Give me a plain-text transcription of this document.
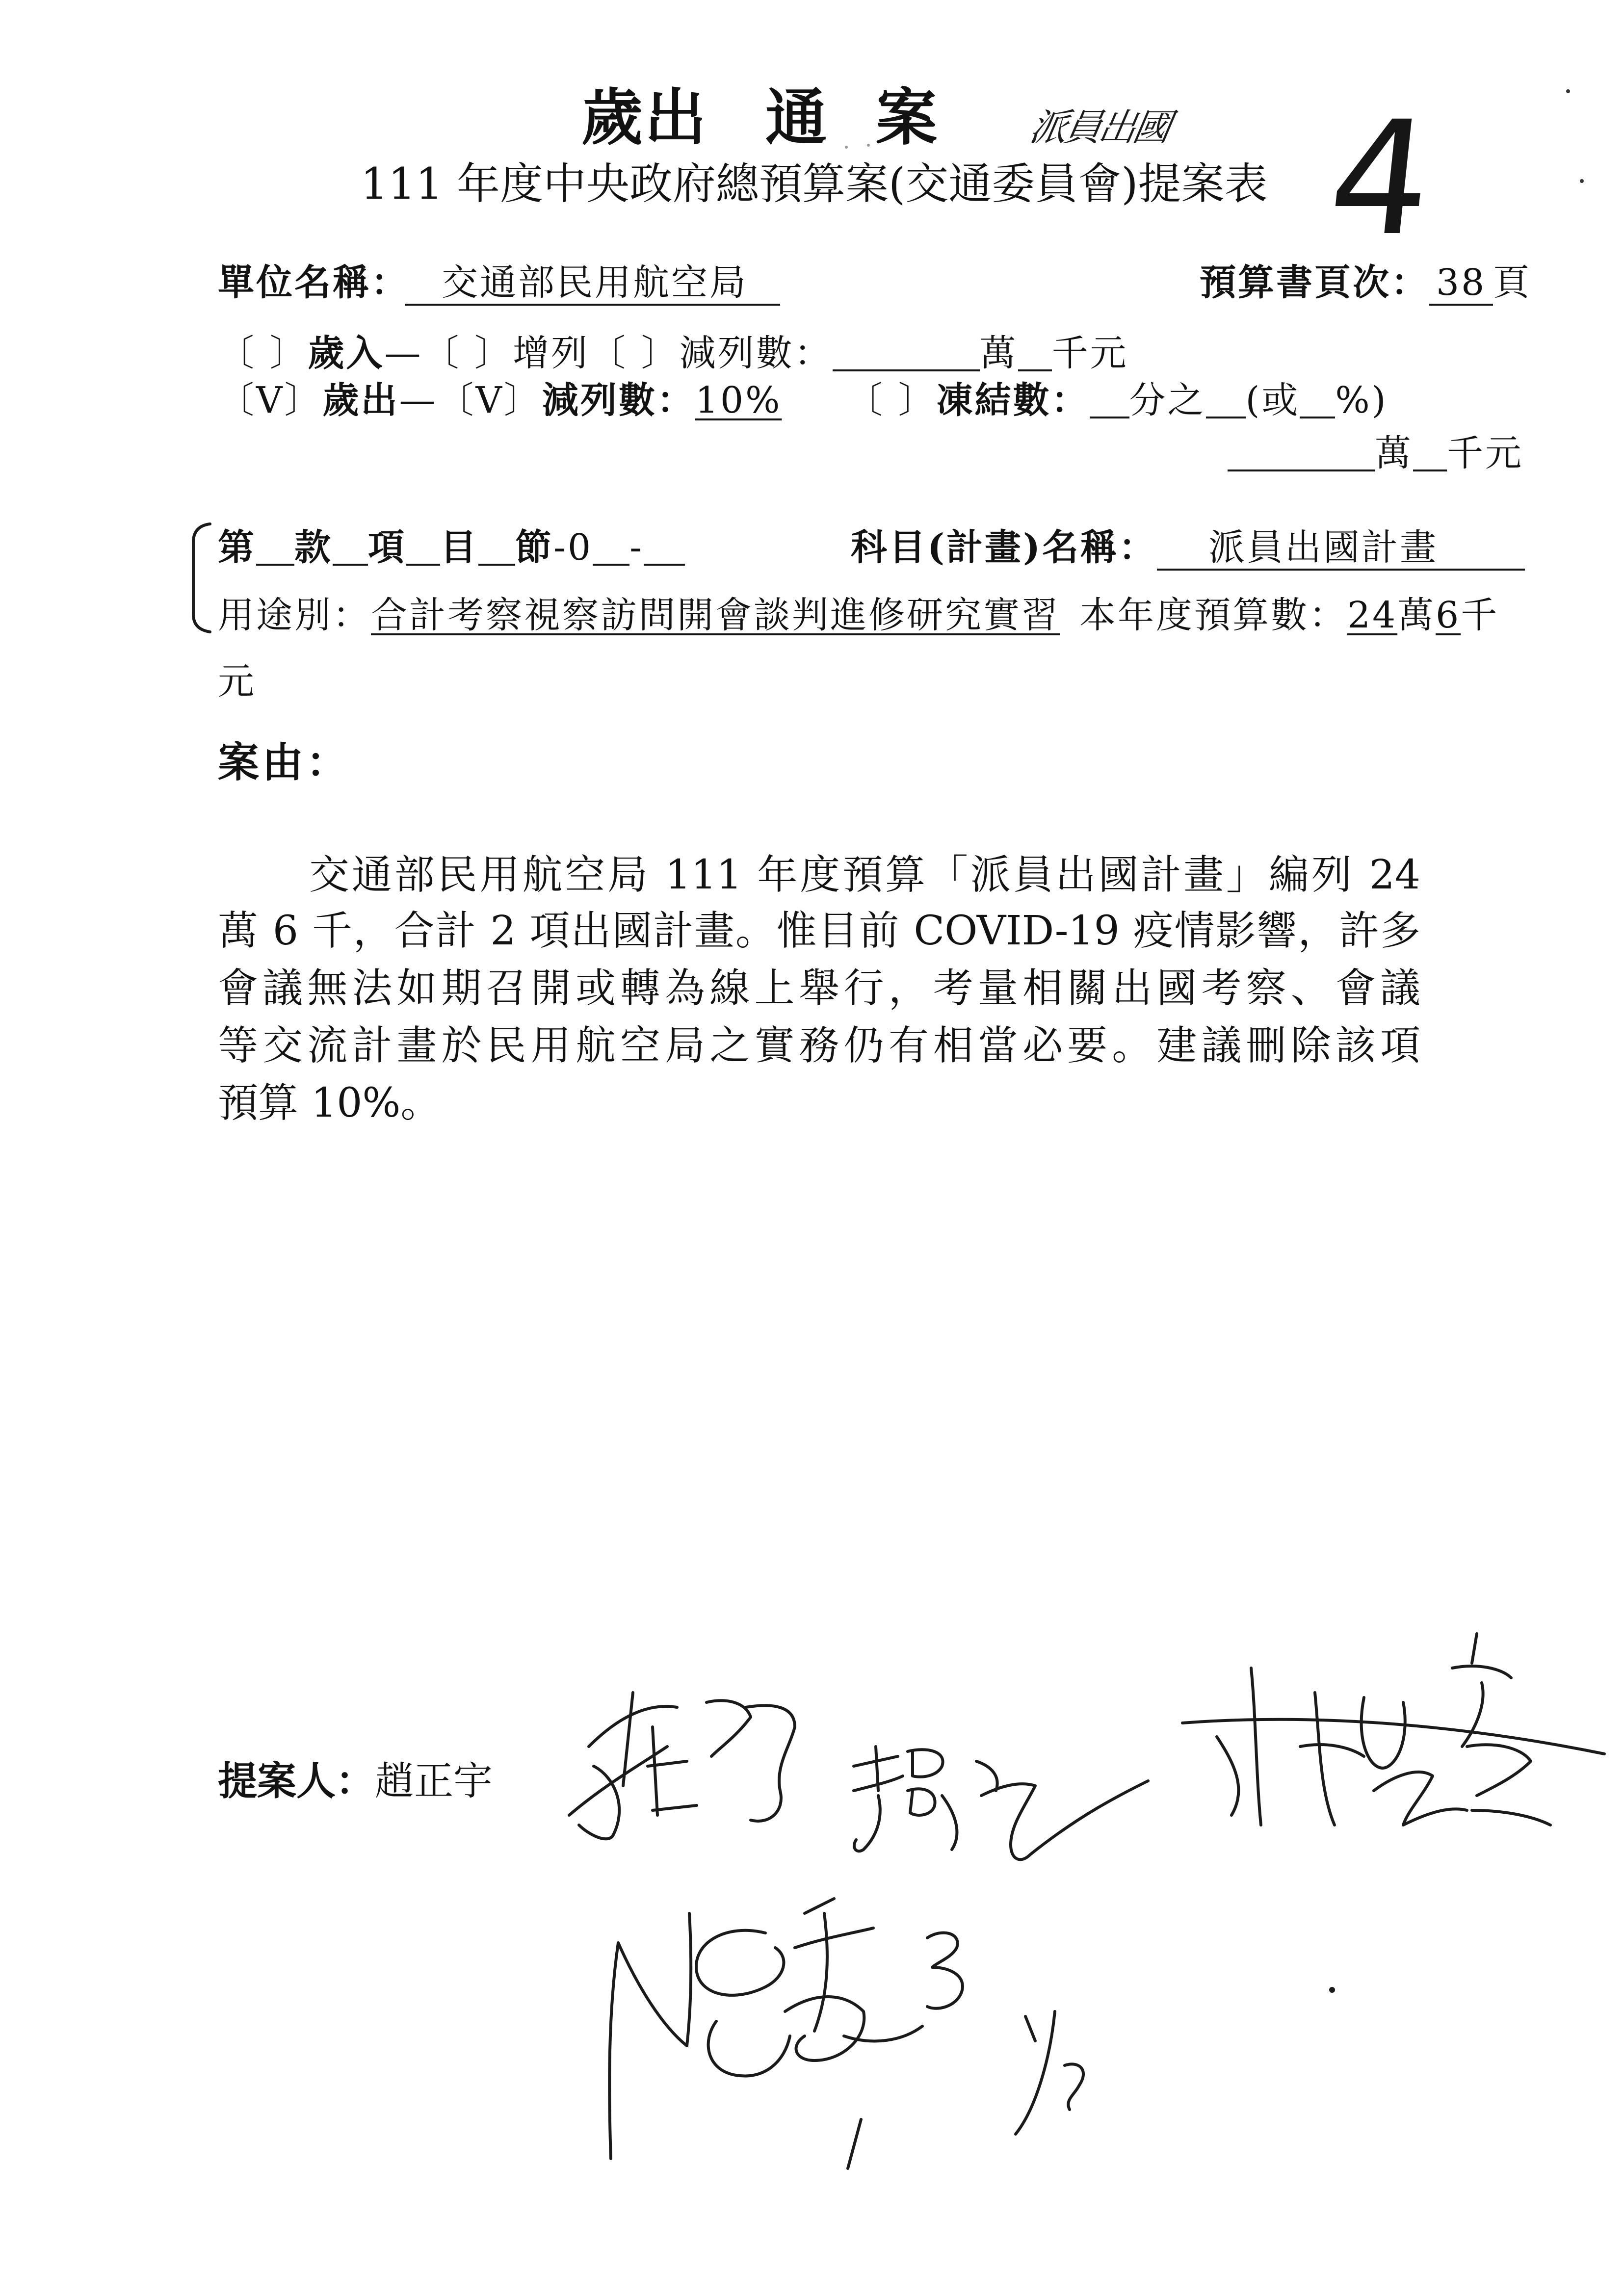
歲出 通 案 派員出國 4
111 年度中央政府總預算案(交通委員會)提案表
單位名稱： 交通部民用航空局	預算書頁次： 38 頁
〔 〕 歲入 — 〔 〕 增列 〔 〕 減列數：	萬 千元
〔V〕 歲出 — 〔V〕 減列數： 10% 〔 〕 凍結數： 分之 (或 %)
萬 千元
第 款 項 目 節 -0 -	科目(計畫)名稱：	派員出國計畫
用途別： 合計考察視察訪問開會談判進修研究實習 本年度預算數： 24 萬 6 千
元
案由：
交通部民用航空局 111 年度預算「派員出國計畫」編列 24
萬 6 千，合計 2 項出國計畫。惟目前 COVID-19 疫情影響，許多
會議無法如期召開或轉為線上舉行，考量相關出國考察、會議
等交流計畫於民用航空局之實務仍有相當必要。建議刪除該項
預算 10%。
提案人： 趙正宇
